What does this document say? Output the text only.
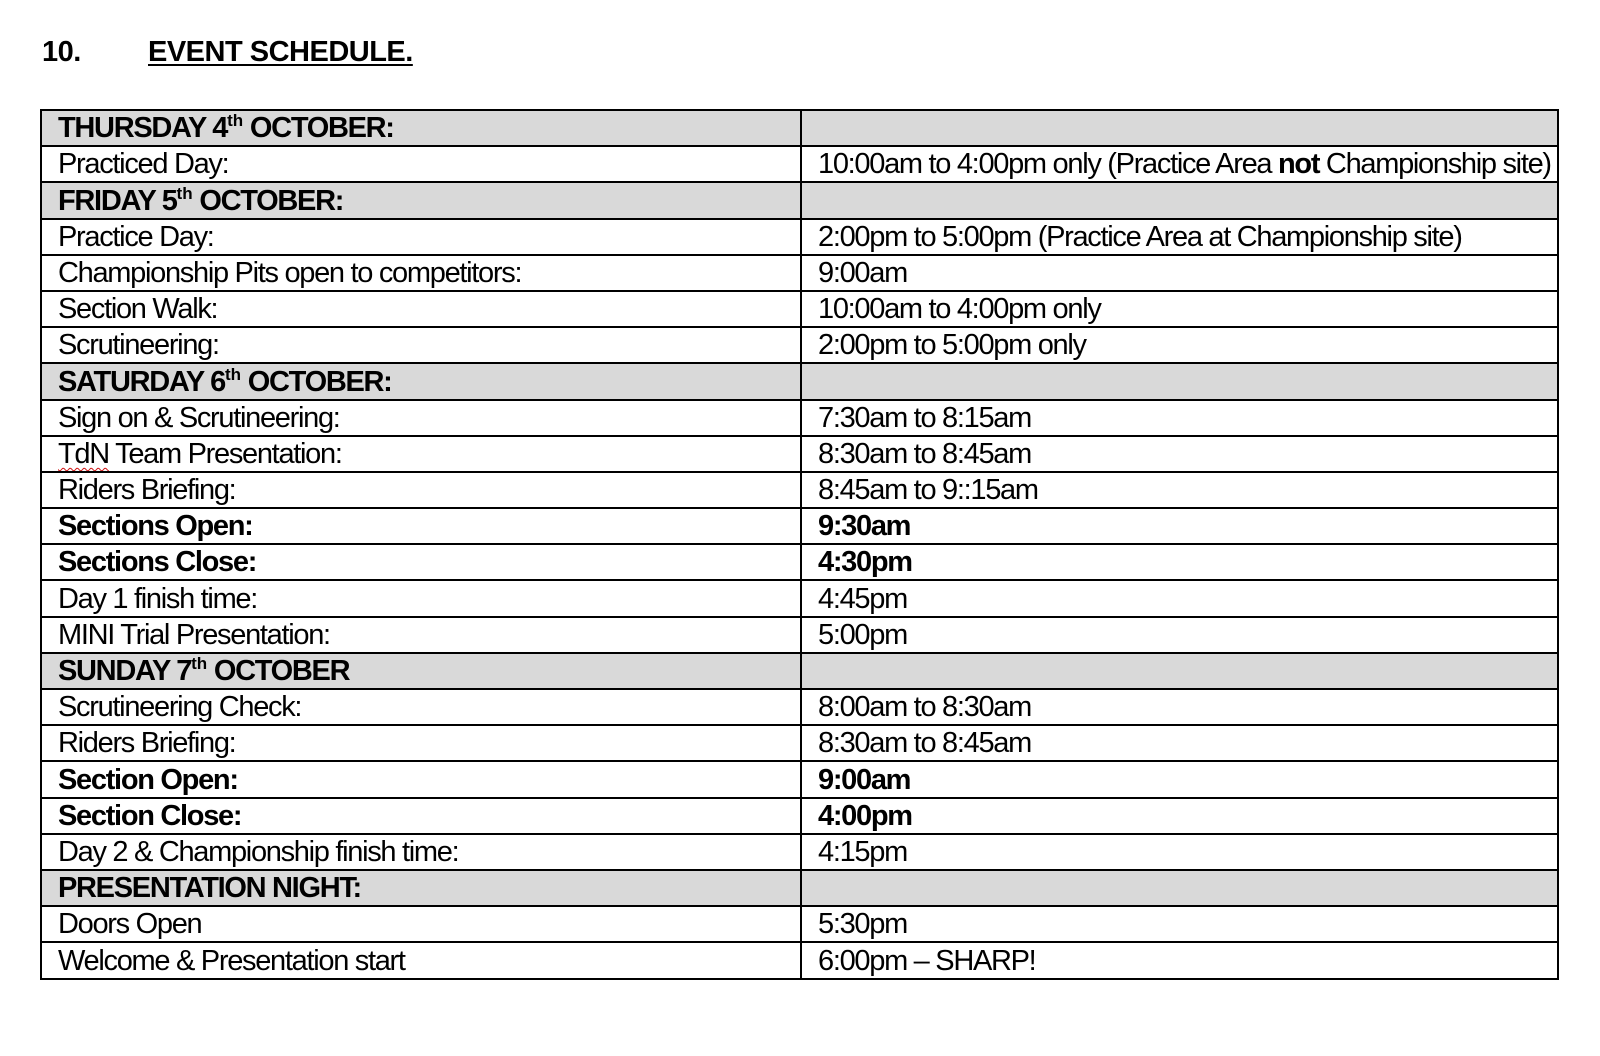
10. EVENT SCHEDULE.
THURSDAY 4th OCTOBER:	
Practiced Day:	10:00am to 4:00pm only (Practice Area not Championship site)
FRIDAY 5th OCTOBER:	
Practice Day:	2:00pm to 5:00pm (Practice Area at Championship site)
Championship Pits open to competitors:	9:00am
Section Walk:	10:00am to 4:00pm only
Scrutineering:	2:00pm to 5:00pm only
SATURDAY 6th OCTOBER:	
Sign on & Scrutineering:	7:30am to 8:15am
TdN Team Presentation:	8:30am to 8:45am
Riders Briefing:	8:45am to 9::15am
Sections Open:	9:30am
Sections Close:	4:30pm
Day 1 finish time:	4:45pm
MINI Trial Presentation:	5:00pm
SUNDAY 7th OCTOBER	
Scrutineering Check:	8:00am to 8:30am
Riders Briefing:	8:30am to 8:45am
Section Open:	9:00am
Section Close:	4:00pm
Day 2 & Championship finish time:	4:15pm
PRESENTATION NIGHT:	
Doors Open	5:30pm
Welcome & Presentation start	6:00pm – SHARP!
